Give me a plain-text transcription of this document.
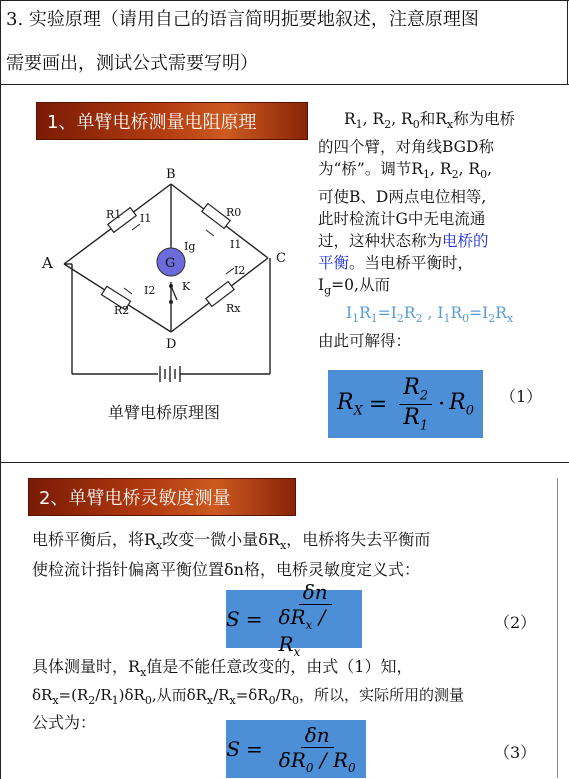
3. 实验原理（请用自己的语言简明扼要地叙述，注意原理图
需要画出，测试公式需要写明）
1、单臂电桥测量电阻原理
A
B
C
D
R1 I1	R0
I1
Ig
G
K
I2
Rx
I2
R2
单臂电桥原理图
$R_1$, $R_2$, $R_0$和$R_x$称为电桥
的四个臂，对角线BGD称
为“桥”。调节$R_1$, $R_2$, $R_0$,
可使B、D两点电位相等,
此时检流计G中无电流通
过，这种状态称为电桥的
平衡。当电桥平衡时，
$I_g=0$,从而
$I_1R_1=I_2R_2$ , $I_1R_0=I_2R_x$
由此可解得：
$R_X = \frac{R_2}{R_1} \cdot R_0$
（1）
2、单臂电桥灵敏度测量
电桥平衡后，将$R_x$改变一微小量$\delta R_x$，电桥将失去平衡而
使检流计指针偏离平衡位置δn格，电桥灵敏度定义式：
$S = \frac{\delta n}{\delta R_x / R_x}$	（2）
具体测量时，$R_x$值是不能任意改变的，由式（1）知，
$\delta R_x=(R_2/R_1)\delta R_0$,从而$\delta R_x/R_x=\delta R_0/R_0$，所以，实际所用的测量
公式为：
$S = \frac{\delta n}{\delta R_0 / R_0}$	（3）
